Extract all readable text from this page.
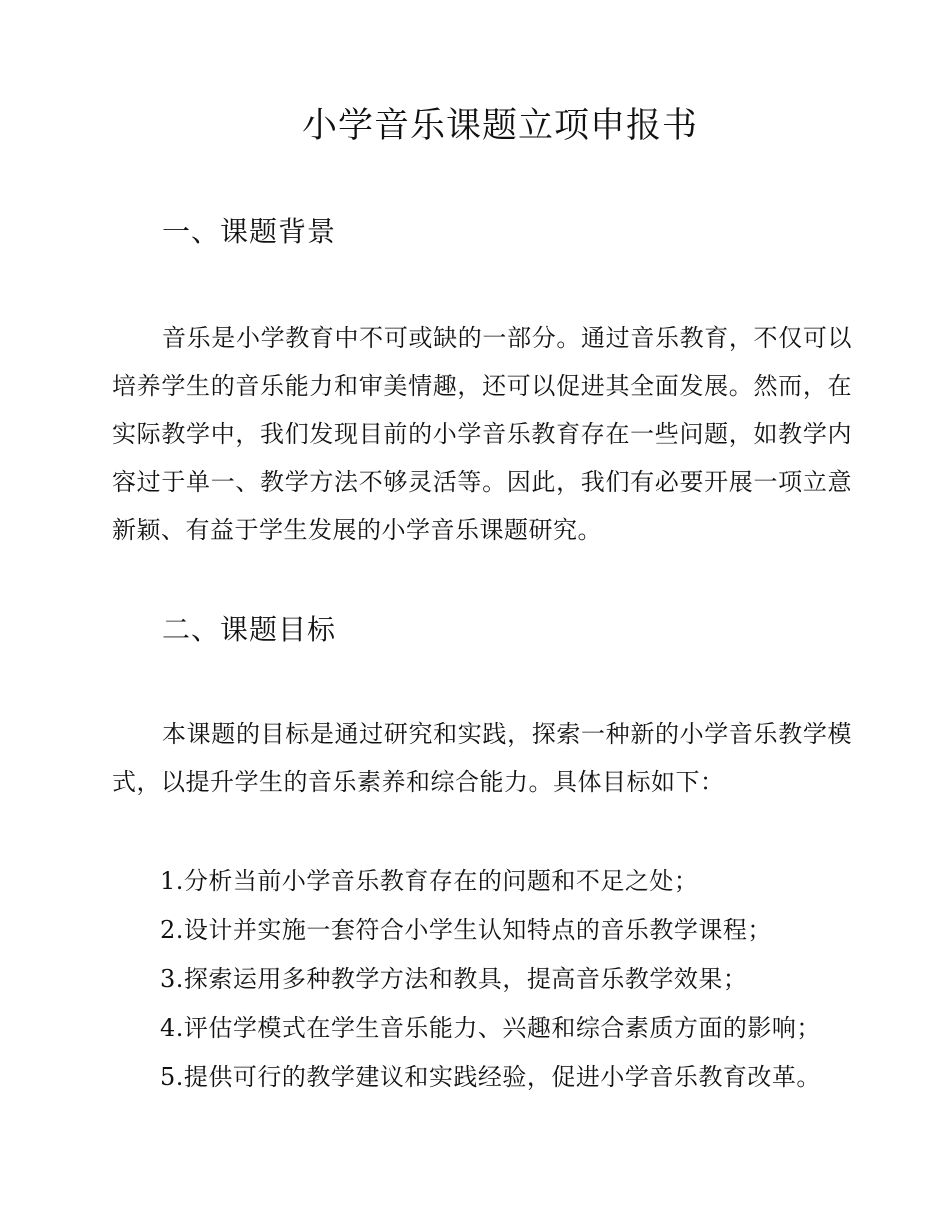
小学音乐课题立项申报书
一、课题背景

音乐是小学教育中不可或缺的一部分。通过音乐教育，不仅可以培养学生的音乐能力和审美情趣，还可以促进其全面发展。然而，在实际教学中，我们发现目前的小学音乐教育存在一些问题，如教学内容过于单一、教学方法不够灵活等。因此，我们有必要开展一项立意新颖、有益于学生发展的小学音乐课题研究。

二、课题目标

本课题的目标是通过研究和实践，探索一种新的小学音乐教学模式，以提升学生的音乐素养和综合能力。具体目标如下：

1.分析当前小学音乐教育存在的问题和不足之处；
2.设计并实施一套符合小学生认知特点的音乐教学课程；
3.探索运用多种教学方法和教具，提高音乐教学效果；
4.评估学模式在学生音乐能力、兴趣和综合素质方面的影响；
5.提供可行的教学建议和实践经验，促进小学音乐教育改革。
